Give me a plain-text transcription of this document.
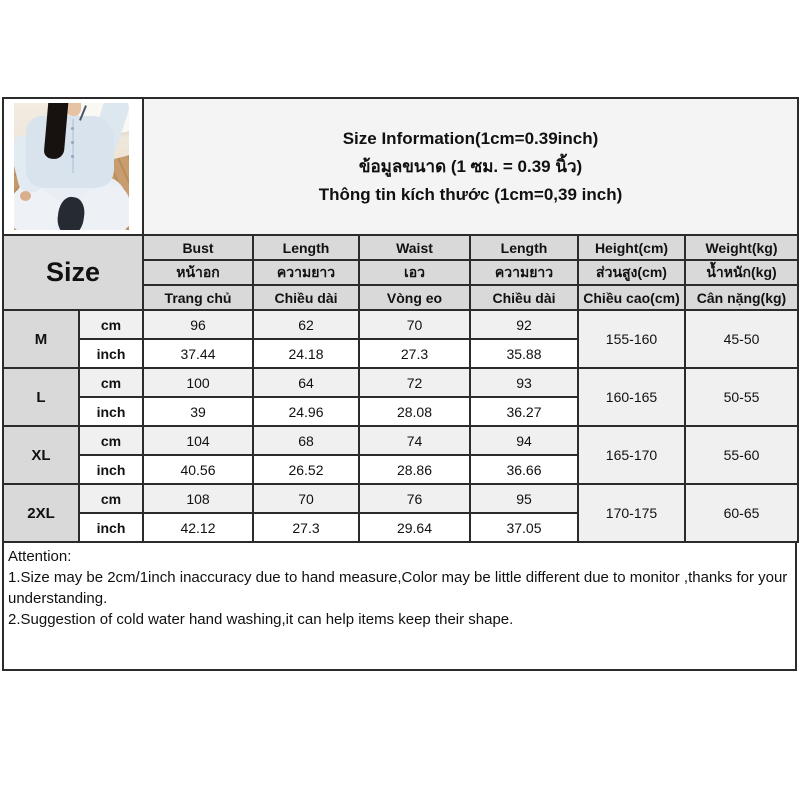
		Size Information(1cm=0.39inch)
ข้อมูลขนาด (1 ซม. = 0.39 นิ้ว)
Thông tin kích thước (1cm=0,39 inch)					

Size		Bust	Length	Waist	Length	Height(cm)	Weight(kg)
		หน้าอก	ความยาว	เอว	ความยาว	ส่วนสูง(cm)	น้ำหนัก(kg)
		Trang chủ	Chiều dài	Vòng eo	Chiều dài	Chiều cao(cm)	Cân nặng(kg)
M	cm	96	62	70	92	155-160	45-50
	inch	37.44	24.18	27.3	35.88		
L	cm	100	64	72	93	160-165	50-55
	inch	39	24.96	28.08	36.27		
XL	cm	104	68	74	94	165-170	55-60
	inch	40.56	26.52	28.86	36.66		
2XL	cm	108	70	76	95	170-175	60-65
	inch	42.12	27.3	29.64	37.05		
Attention:
1.Size may be 2cm/1inch inaccuracy due to hand measure,Color may be little different due to monitor ,thanks for your understanding.
2.Suggestion of cold water hand washing,it can help items keep their shape.
